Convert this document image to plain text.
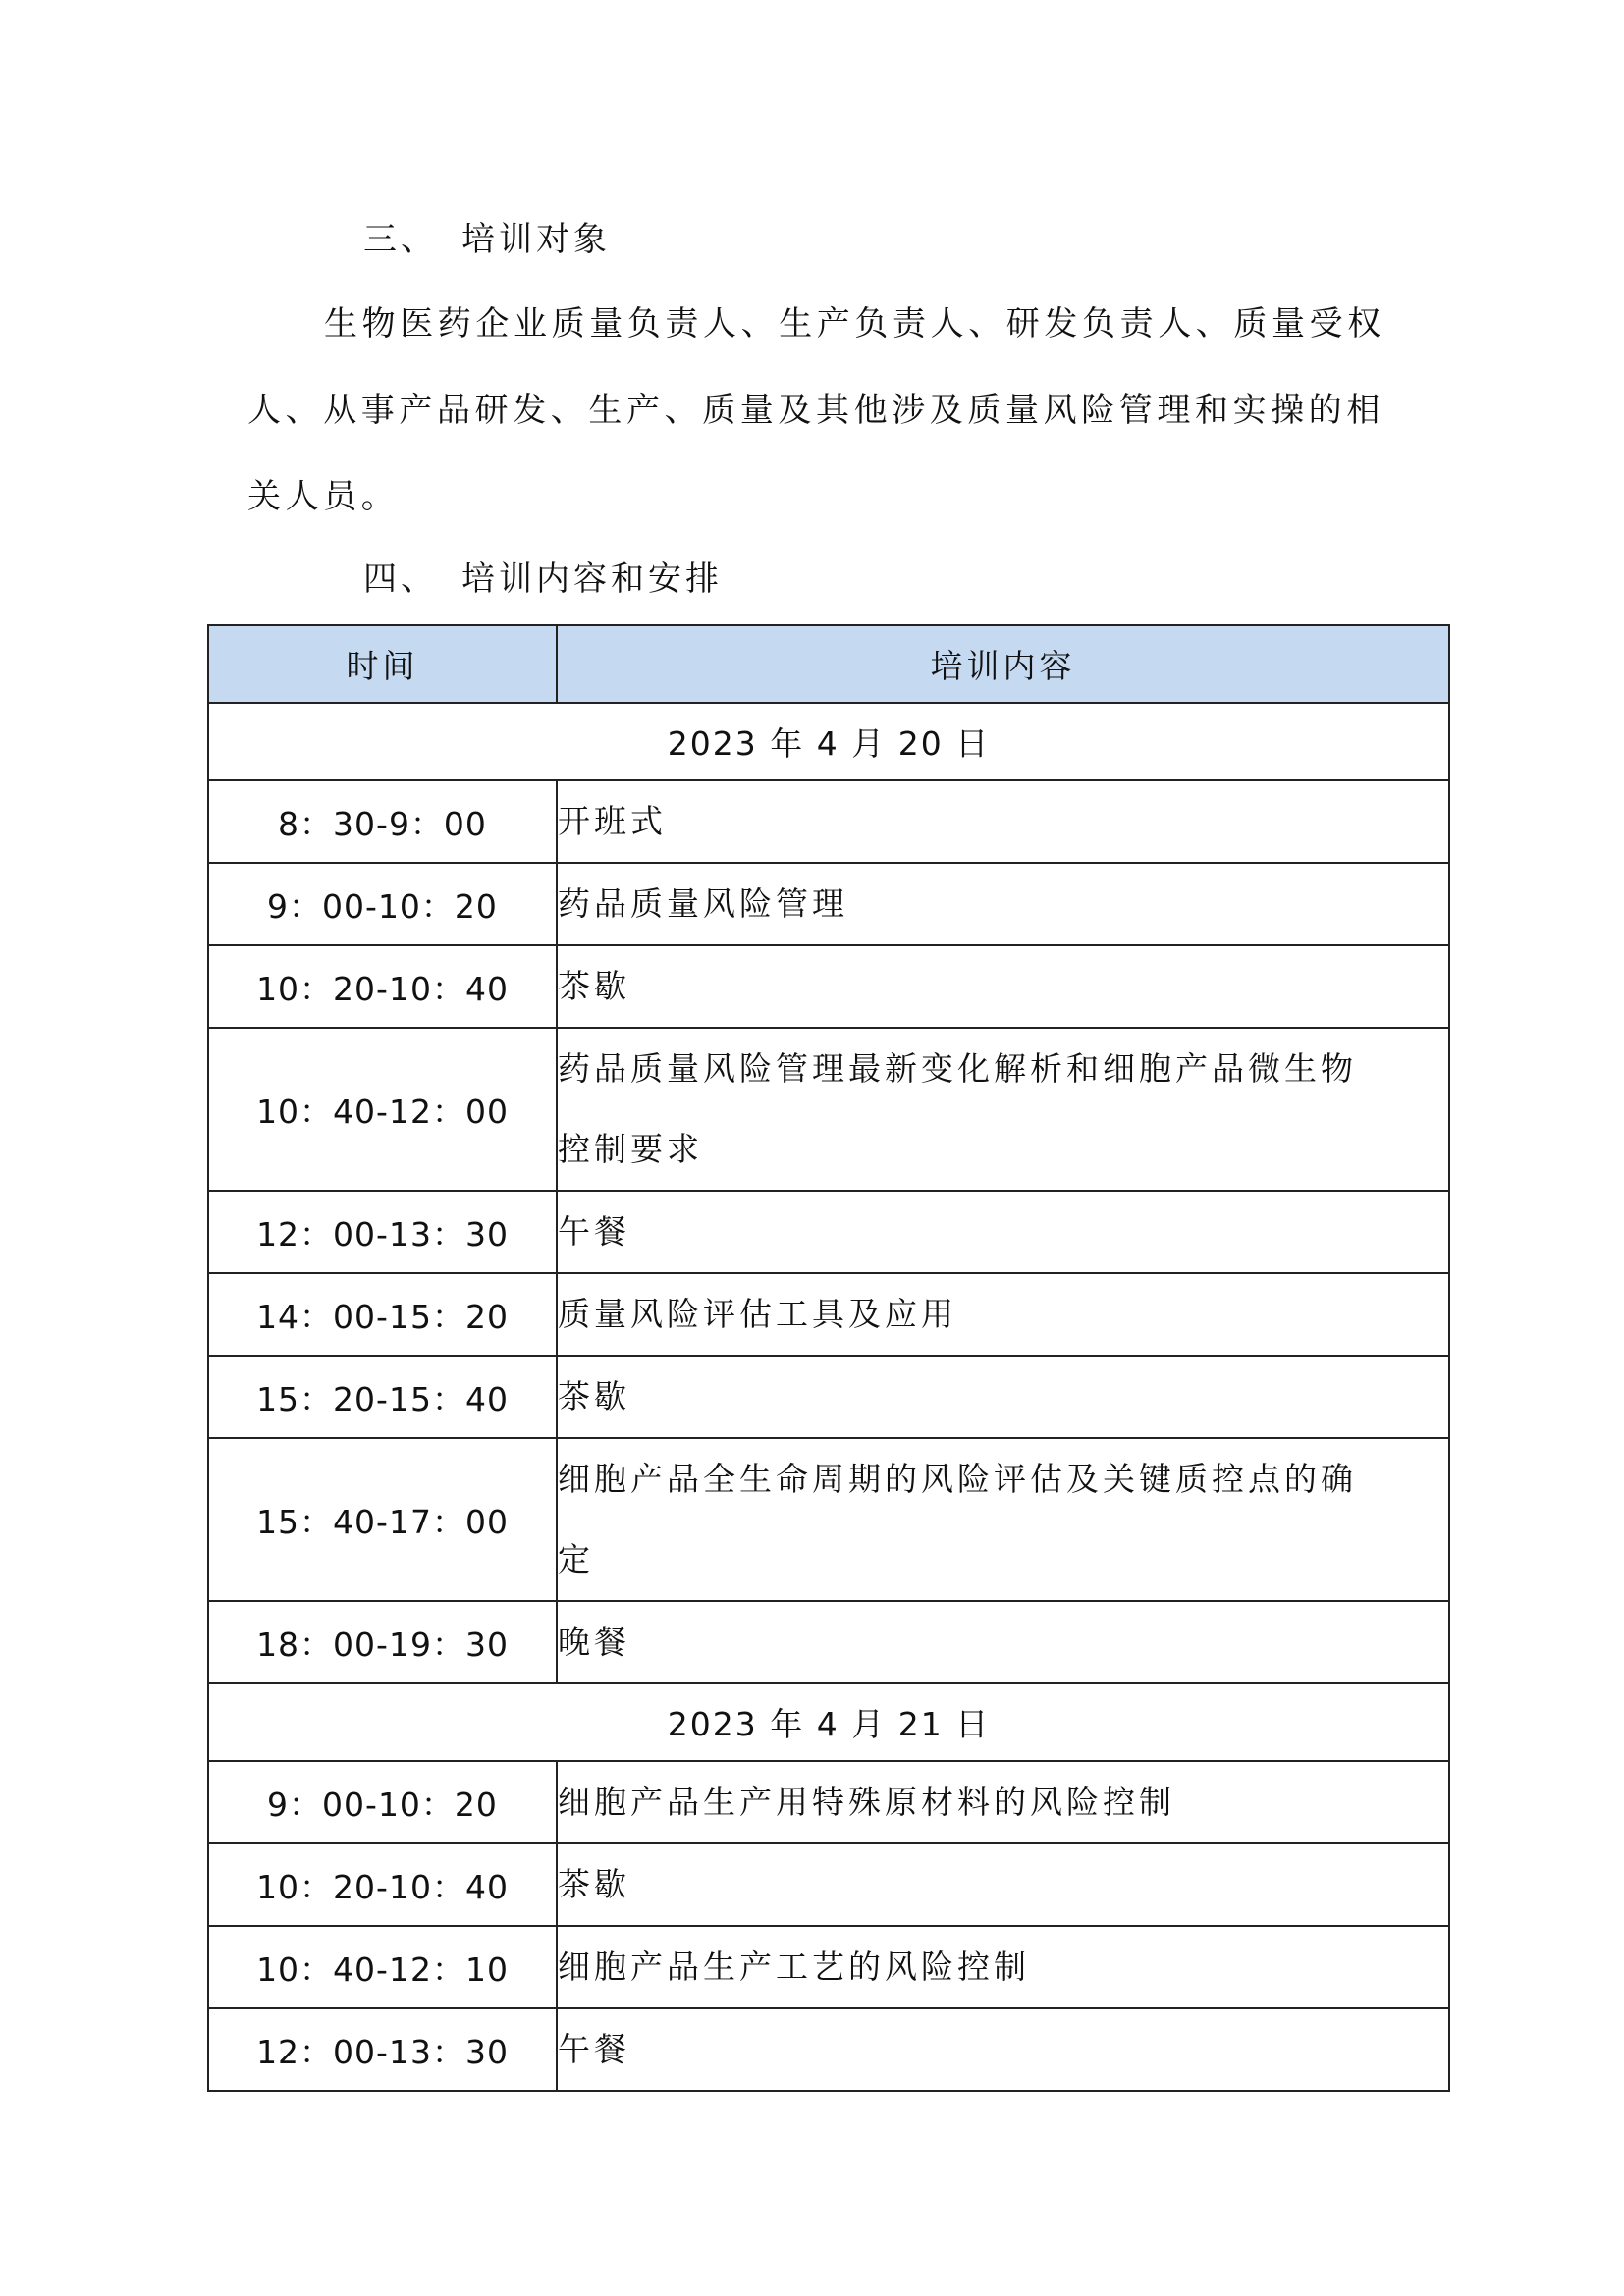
三、 培训对象
生物医药企业质量负责人、生产负责人、研发负责人、质量受权
人、从事产品研发、生产、质量及其他涉及质量风险管理和实操的相
关人员。
四、 培训内容和安排
时间	培训内容
2023 年 4 月 20 日	
8：30-9：00	开班式
9：00-10：20	药品质量风险管理
10：20-10：40	茶歇
10：40-12：00	药品质量风险管理最新变化解析和细胞产品微生物
控制要求

12：00-13：30	午餐
14：00-15：20	质量风险评估工具及应用
15：20-15：40	茶歇
15：40-17：00	细胞产品全生命周期的风险评估及关键质控点的确
定

18：00-19：30	晚餐
2023 年 4 月 21 日	
9：00-10：20	细胞产品生产用特殊原材料的风险控制
10：20-10：40	茶歇
10：40-12：10	细胞产品生产工艺的风险控制
12：00-13：30	午餐
